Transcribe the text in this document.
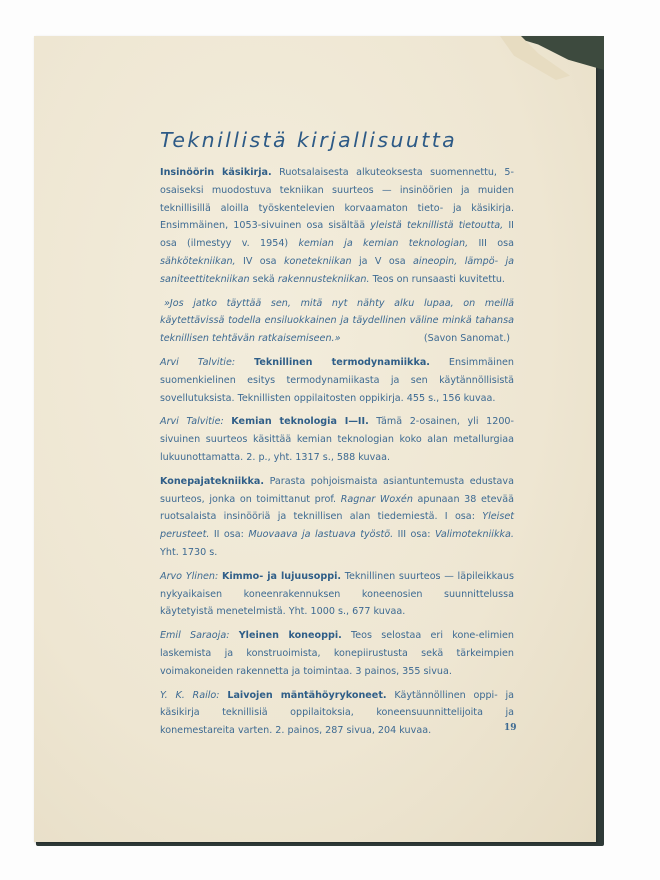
Teknillistä kirjallisuutta

Insinöörin käsikirja. Ruotsalaisesta alkuteoksesta suomennettu, 5-osaiseksi muodostuva tekniikan suurteos — insinöörien ja muiden teknillisillä aloilla työskentelevien korvaamaton tieto- ja käsikirja. Ensimmäinen, 1053-sivuinen osa sisältää yleistä teknillistä tietoutta, II osa (ilmestyy v. 1954) kemian ja kemian teknologian, III osa sähkötekniikan, IV osa konetekniikan ja V osa aineopin, lämpö- ja saniteettitekniikan sekä rakennustekniikan. Teos on runsaasti kuvitettu.

»Jos jatko täyttää sen, mitä nyt nähty alku lupaa, on meillä käytettävissä todella ensiluokkainen ja täydellinen väline minkä tahansa teknillisen tehtävän ratkaisemiseen.»	(Savon Sanomat.)

Arvi Talvitie: Teknillinen termodynamiikka. Ensimmäinen suomenkielinen esitys termodynamiikasta ja sen käytännöllisistä sovellutuksista. Teknillisten oppilaitosten oppikirja. 455 s., 156 kuvaa.

Arvi Talvitie: Kemian teknologia I—II. Tämä 2-osainen, yli 1200-sivuinen suurteos käsittää kemian teknologian koko alan metallurgiaa lukuunottamatta. 2. p., yht. 1317 s., 588 kuvaa.

Konepajatekniikka. Parasta pohjoismaista asiantuntemusta edustava suurteos, jonka on toimittanut prof. Ragnar Woxén apunaan 38 etevää ruotsalaista insinööriä ja teknillisen alan tiedemiestä. I osa: Yleiset perusteet. II osa: Muovaava ja lastuava työstö. III osa: Valimotekniikka. Yht. 1730 s.

Arvo Ylinen: Kimmo- ja lujuusoppi. Teknillinen suurteos — läpileikkaus nykyaikaisen koneenrakennuksen koneenosien suunnittelussa käytetyistä menetelmistä. Yht. 1000 s., 677 kuvaa.

Emil Saraoja: Yleinen koneoppi. Teos selostaa eri kone-elimien laskemista ja konstruoimista, konepiirustusta sekä tärkeimpien voimakoneiden rakennetta ja toimintaa. 3 painos, 355 sivua.

Y. K. Railo: Laivojen mäntähöyrykoneet. Käytännöllinen oppi- ja käsikirja teknillisiä oppilaitoksia, koneensuunnittelijoita ja konemestareita varten. 2. painos, 287 sivua, 204 kuvaa.	19
